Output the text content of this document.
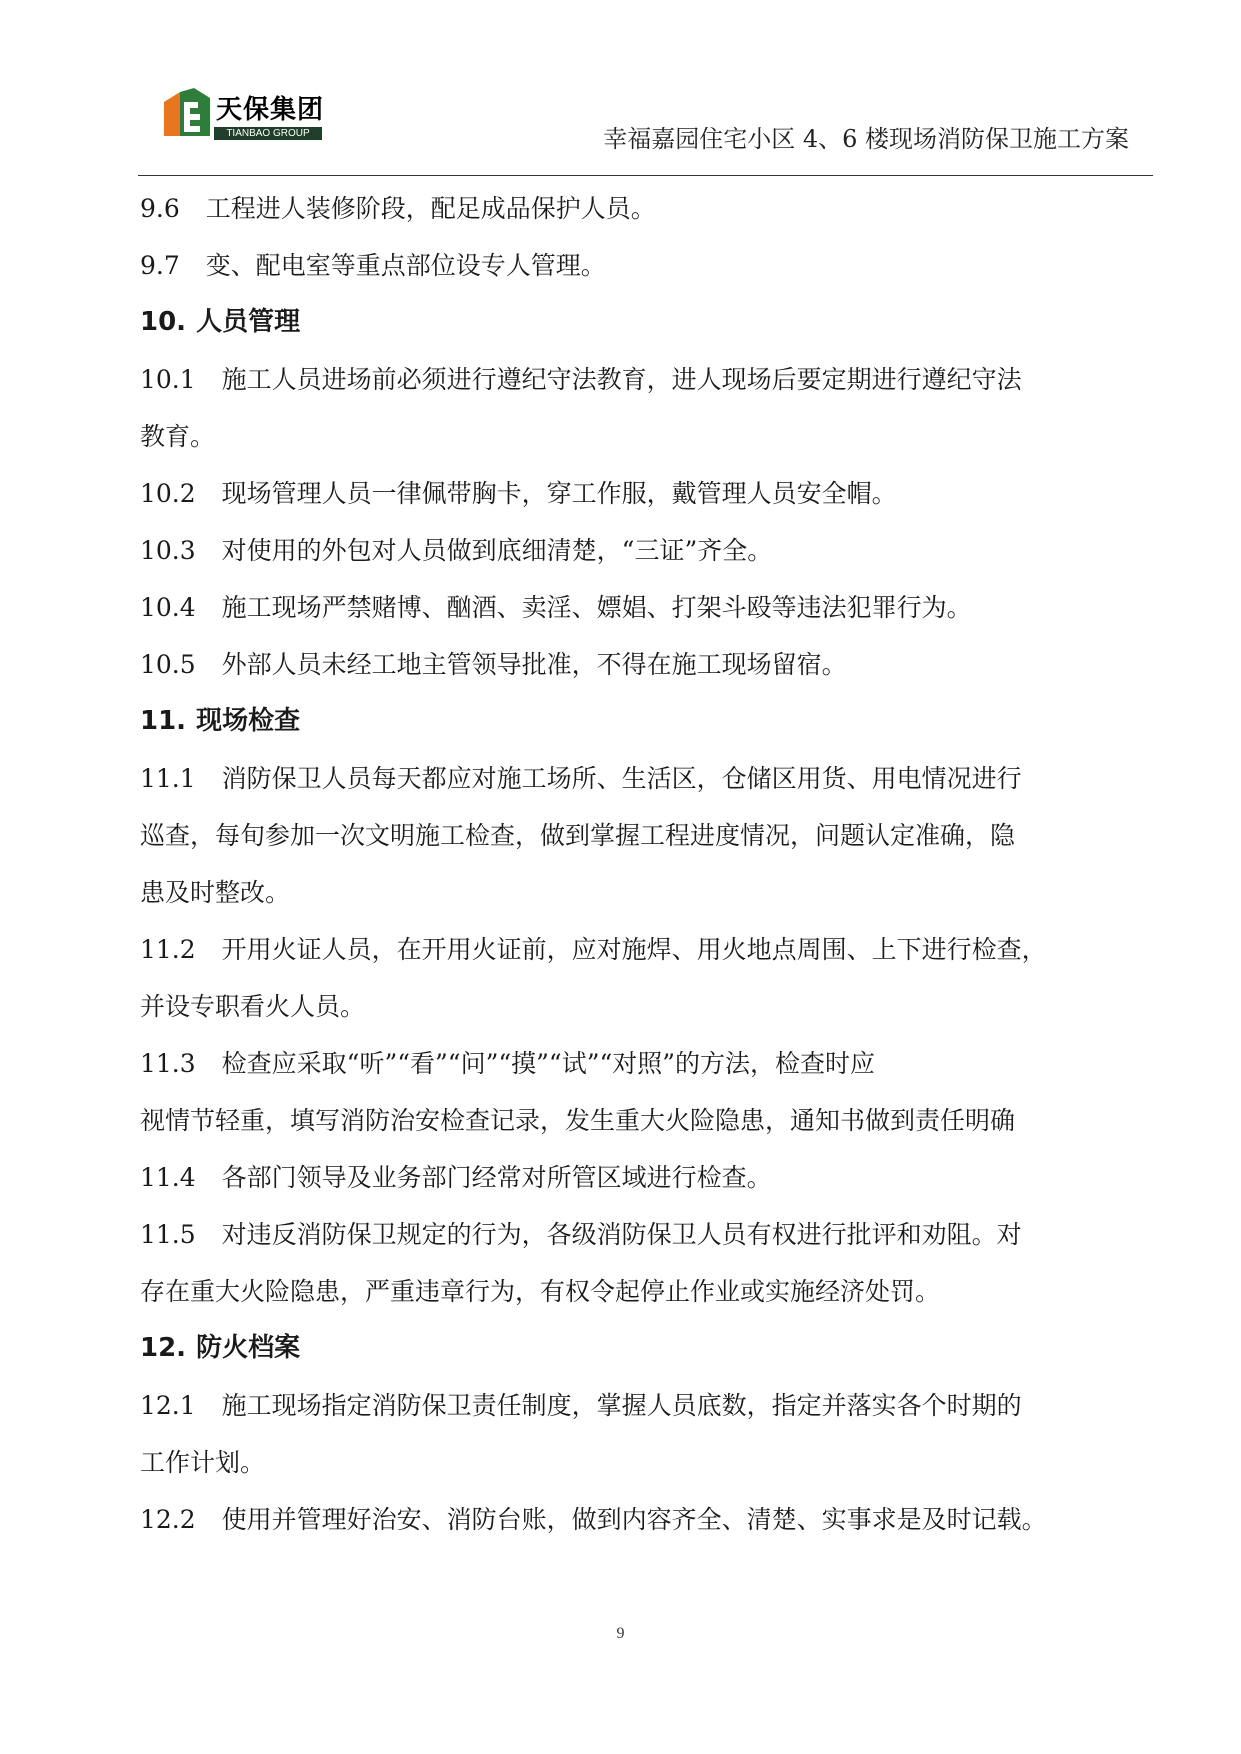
天保集团
TIANBAO GROUP	幸福嘉园住宅小区 4、6 楼现场消防保卫施工方案
9.6 工程进人装修阶段，配足成品保护人员。
9.7 变、配电室等重点部位设专人管理。
10. 人员管理
10.1 施工人员进场前必须进行遵纪守法教育，进人现场后要定期进行遵纪守法
教育。
10.2 现场管理人员一律佩带胸卡，穿工作服，戴管理人员安全帽。
10.3 对使用的外包对人员做到底细清楚，“三证”齐全。
10.4 施工现场严禁赌博、酗酒、卖淫、嫖娼、打架斗殴等违法犯罪行为。
10.5 外部人员未经工地主管领导批准，不得在施工现场留宿。
11. 现场检查
11.1 消防保卫人员每天都应对施工场所、生活区，仓储区用货、用电情况进行
巡查，每旬参加一次文明施工检查，做到掌握工程进度情况，问题认定准确，隐
患及时整改。
11.2 开用火证人员，在开用火证前，应对施焊、用火地点周围、上下进行检查，
并设专职看火人员。
11.3 检查应采取“听”“看”“问”“摸”“试”“对照”的方法，检查时应
视情节轻重，填写消防治安检查记录，发生重大火险隐患，通知书做到责任明确
11.4 各部门领导及业务部门经常对所管区域进行检查。
11.5 对违反消防保卫规定的行为，各级消防保卫人员有权进行批评和劝阻。对
存在重大火险隐患，严重违章行为，有权令起停止作业或实施经济处罚。
12. 防火档案
12.1 施工现场指定消防保卫责任制度，掌握人员底数，指定并落实各个时期的
工作计划。
12.2 使用并管理好治安、消防台账，做到内容齐全、清楚、实事求是及时记载。
9
